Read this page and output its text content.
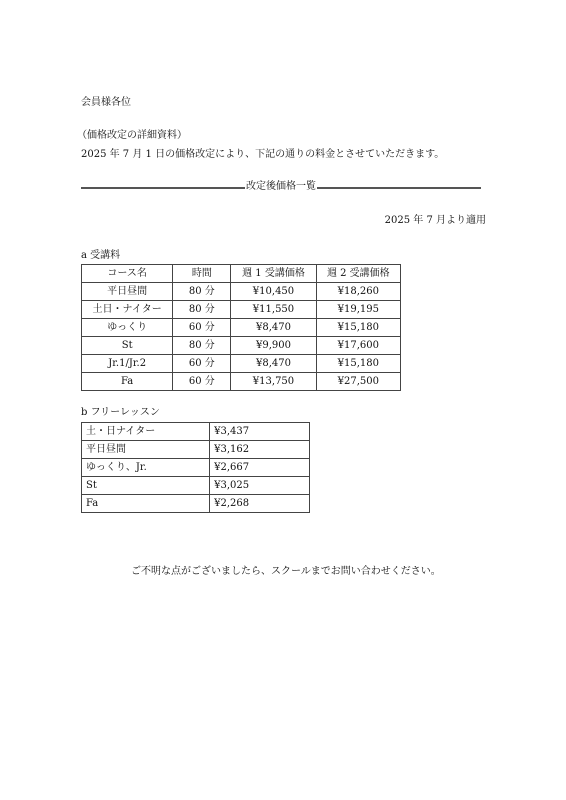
会員様各位
（価格改定の詳細資料）
2025 年 7 月 1 日の価格改定により、下記の通りの料金とさせていただきます。
改定後価格一覧
2025 年 7 月より適用
a 受講料
コース名	時間	週 1 受講価格	週 2 受講価格
平日昼間	80 分	¥10,450	¥18,260
土日・ナイター	80 分	¥11,550	¥19,195
ゆっくり	60 分	¥8,470	¥15,180
St	80 分	¥9,900	¥17,600
Jr.1/Jr.2	60 分	¥8,470	¥15,180
Fa	60 分	¥13,750	¥27,500
b フリーレッスン
土・日ナイター	¥3,437
平日昼間	¥3,162
ゆっくり、Jr.	¥2,667
St	¥3,025
Fa	¥2,268
ご不明な点がございましたら、スクールまでお問い合わせください。
